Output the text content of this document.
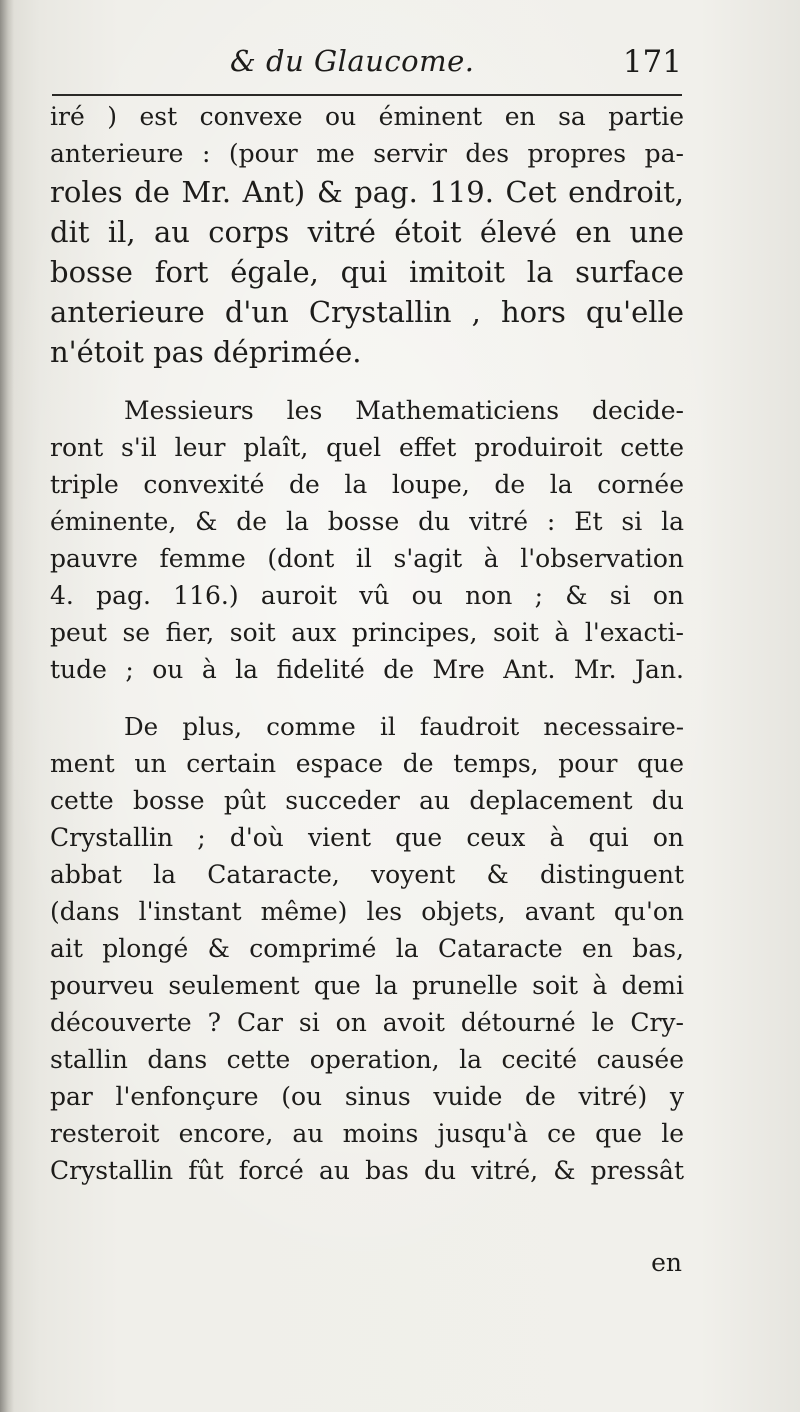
& du Glaucome.	171
iré ) est convexe ou éminent en sa partie
anterieure : (pour me servir des propres pa-
roles de Mr. Ant) & pag. 119. Cet endroit,
dit il, au corps vitré étoit élevé en une
bosse fort égale, qui imitoit la surface
anterieure d'un Crystallin , hors qu'elle
n'étoit pas déprimée.
Messieurs les Mathematiciens decide-
ront s'il leur plaît, quel effet produiroit cette
triple convexité de la loupe, de la cornée
éminente, & de la bosse du vitré : Et si la
pauvre femme (dont il s'agit à l'observation
4. pag. 116.) auroit vû ou non ; & si on
peut se fier, soit aux principes, soit à l'exacti-
tude ; ou à la fidelité de Mre Ant. Mr. Jan.
De plus, comme il faudroit necessaire-
ment un certain espace de temps, pour que
cette bosse pût succeder au deplacement du
Crystallin ; d'où vient que ceux à qui on
abbat la Cataracte, voyent & distinguent
(dans l'instant même) les objets, avant qu'on
ait plongé & comprimé la Cataracte en bas,
pourveu seulement que la prunelle soit à demi
découverte ? Car si on avoit détourné le Cry-
stallin dans cette operation, la cecité causée
par l'enfonçure (ou sinus vuide de vitré) y
resteroit encore, au moins jusqu'à ce que le
Crystallin fût forcé au bas du vitré, & pressât
en
